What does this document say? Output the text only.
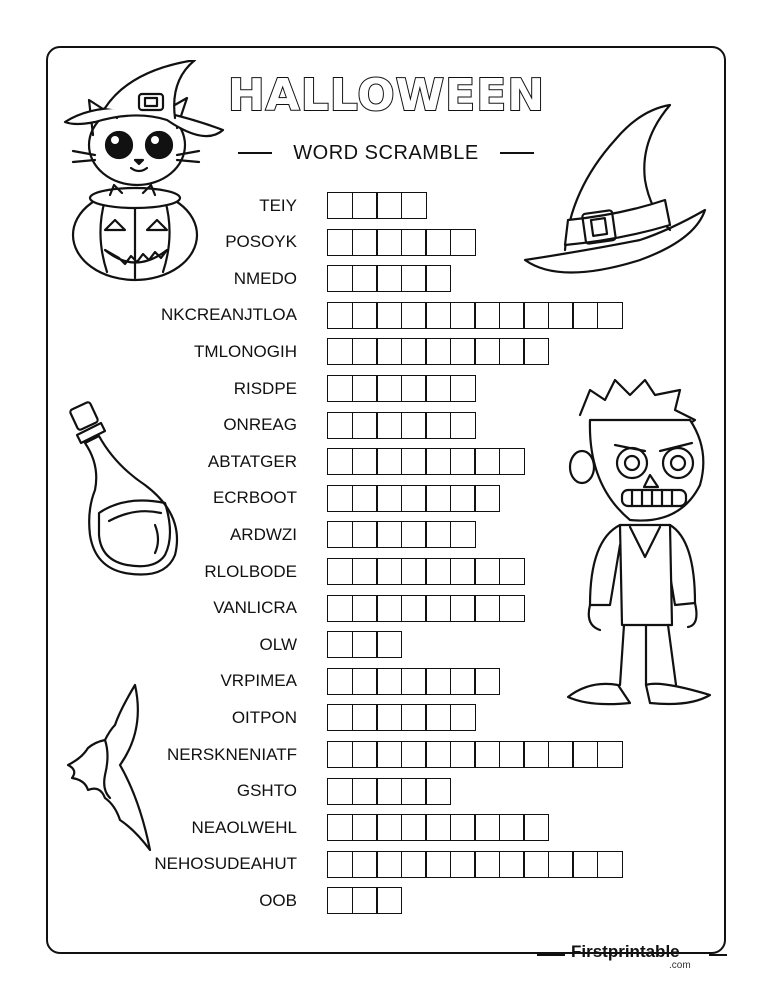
HALLOWEEN
WORD SCRAMBLE
TEIY
POSOYK
NMEDO
NKCREANJTLOA
TMLONOGIH
RISDPE
ONREAG
ABTATGER
ECRBOOT
ARDWZI
RLOLBODE
VANLICRA
OLW
VRPIMEA
OITPON
NERSKNENIATF
GSHTO
NEAOLWEHL
NEHOSUDEAHUT
OOB
Firstprintable
.com
